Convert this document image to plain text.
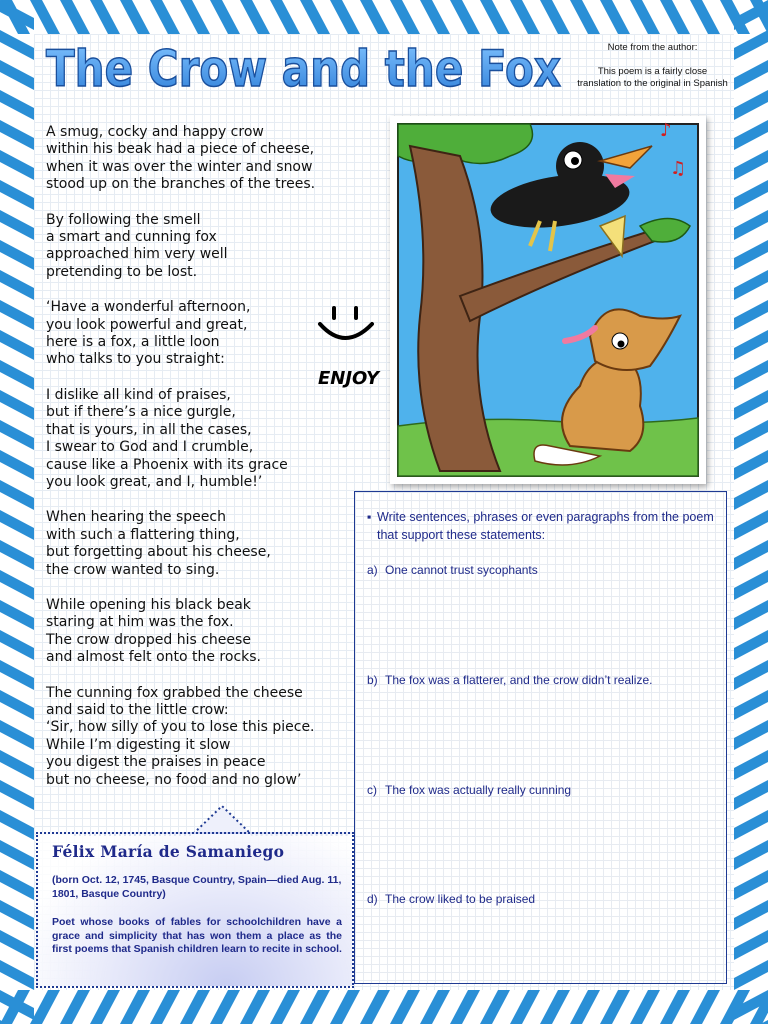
The Crow and the Fox	Note from the author:
This poem is a fairly close
translation to the original in Spanish
A smug, cocky and happy crow
within his beak had a piece of cheese,
when it was over the winter and snow
stood up on the branches of the trees.
By following the smell
a smart and cunning fox
approached him very well
pretending to be lost.
‘Have a wonderful afternoon,
you look powerful and great,
here is a fox, a little loon
who talks to you straight:
I dislike all kind of praises,
but if there’s a nice gurgle,
that is yours, in all the cases,
I swear to God and I crumble,
cause like a Phoenix with its grace
you look great, and I, humble!’
When hearing the speech
with such a flattering thing,
but forgetting about his cheese,
the crow wanted to sing.
While opening his black beak
staring at him was the fox.
The crow dropped his cheese
and almost felt onto the rocks.
The cunning fox grabbed the cheese
and said to the little crow:
‘Sir, how silly of you to lose this piece.
While I’m digesting it slow
you digest the praises in peace
but no cheese, no food and no glow’
♪
♫
ENJOY
▪ Write sentences, phrases or even paragraphs from the poem that support these statements:
a) One cannot trust sycophants
b) The fox was a flatterer, and the crow didn’t realize.
c) The fox was actually really cunning
d) The crow liked to be praised
Félix María de Samaniego
(born Oct. 12, 1745, Basque Country, Spain—died Aug. 11, 1801, Basque Country)
Poet whose books of fables for schoolchildren have a grace and simplicity that has won them a place as the first poems that Spanish children learn to recite in school.
